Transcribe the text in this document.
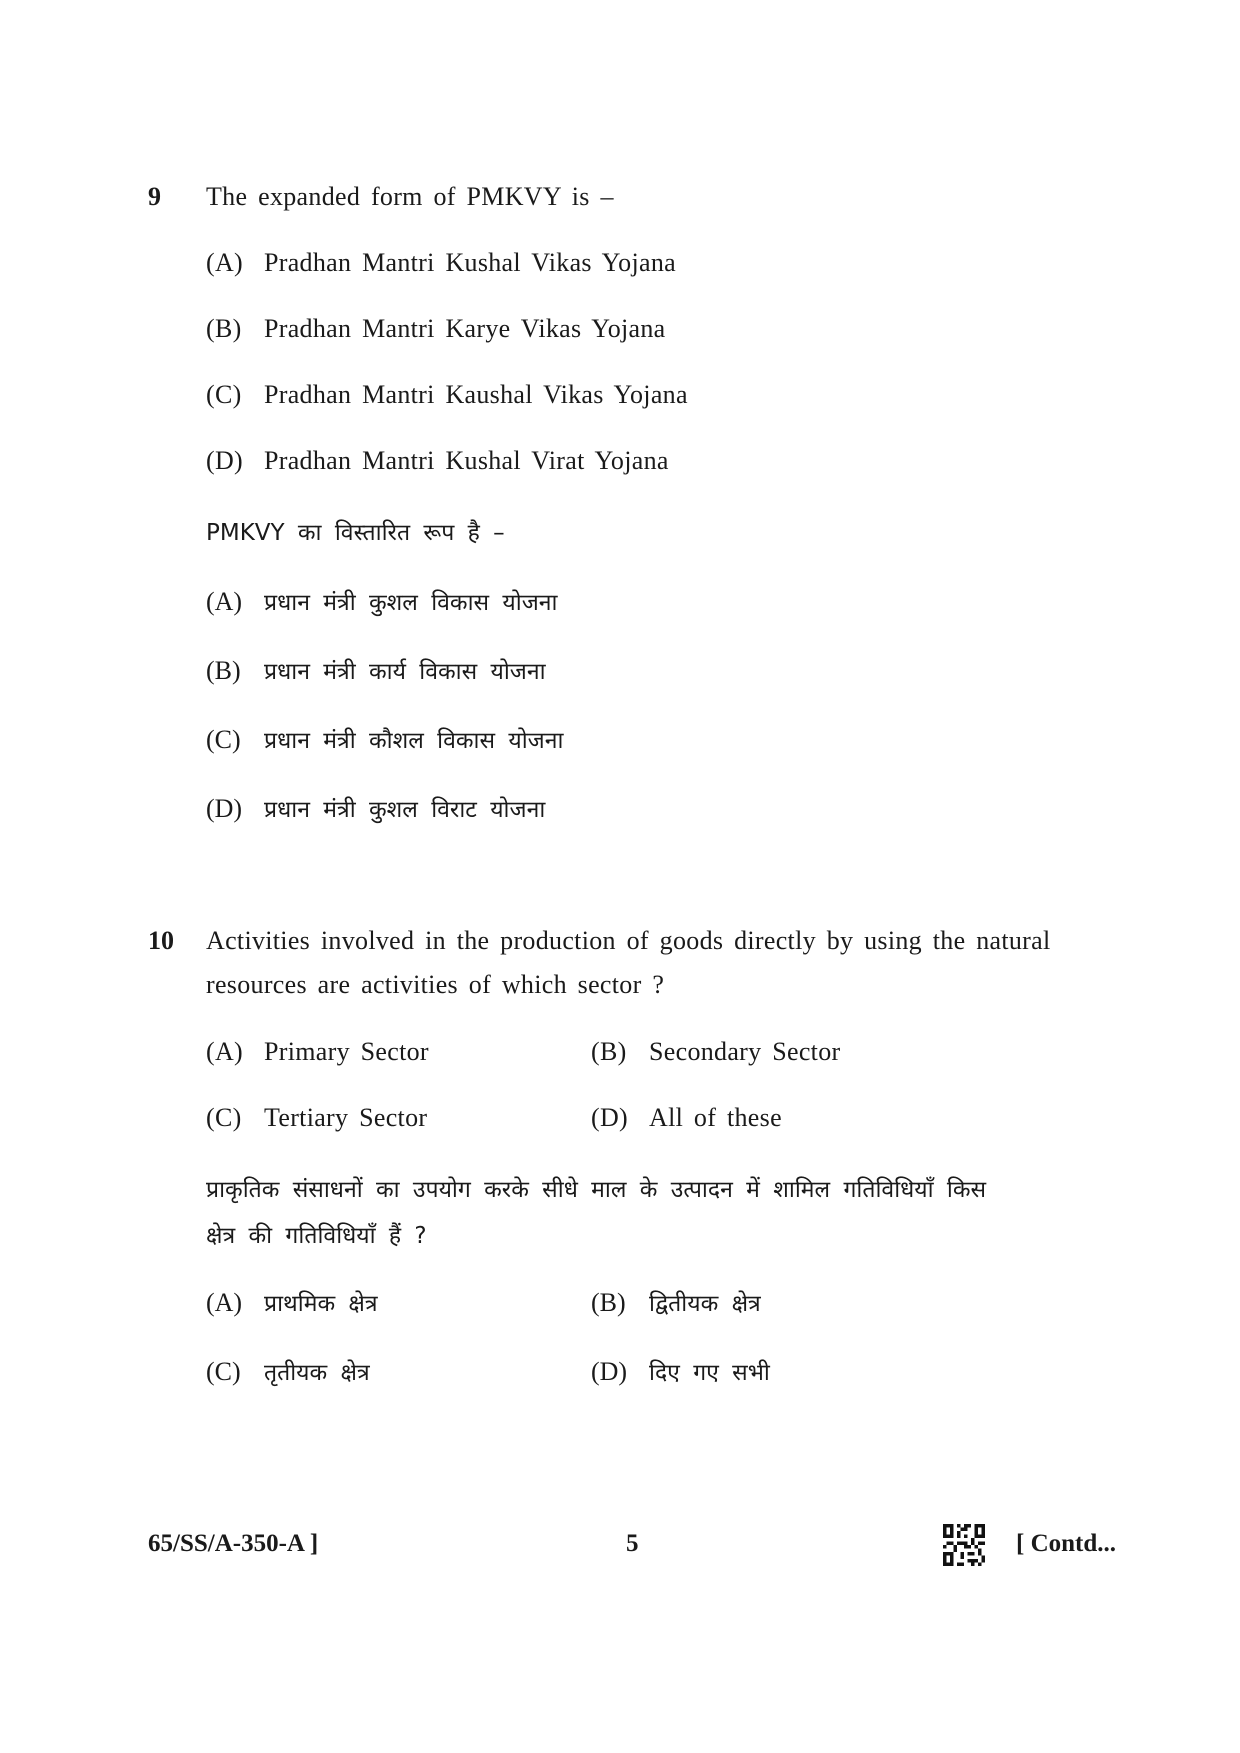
9 The expanded form of PMKVY is –
(A) Pradhan Mantri Kushal Vikas Yojana
(B) Pradhan Mantri Karye Vikas Yojana
(C) Pradhan Mantri Kaushal Vikas Yojana
(D) Pradhan Mantri Kushal Virat Yojana
PMKVY का विस्तारित रूप है –
(A) प्रधान मंत्री कुशल विकास योजना
(B) प्रधान मंत्री कार्य विकास योजना
(C) प्रधान मंत्री कौशल विकास योजना
(D) प्रधान मंत्री कुशल विराट योजना
10 Activities involved in the production of goods directly by using the natural
resources are activities of which sector ?
(A) Primary Sector	(B) Secondary Sector
(C) Tertiary Sector	(D) All of these
प्राकृतिक संसाधनों का उपयोग करके सीधे माल के उत्पादन में शामिल गतिविधियाँ किस
क्षेत्र की गतिविधियाँ हैं ?
(A) प्राथमिक क्षेत्र	(B) द्वितीयक क्षेत्र
(C) तृतीयक क्षेत्र	(D) दिए गए सभी
65/SS/A-350-A ]	5	[ Contd...
